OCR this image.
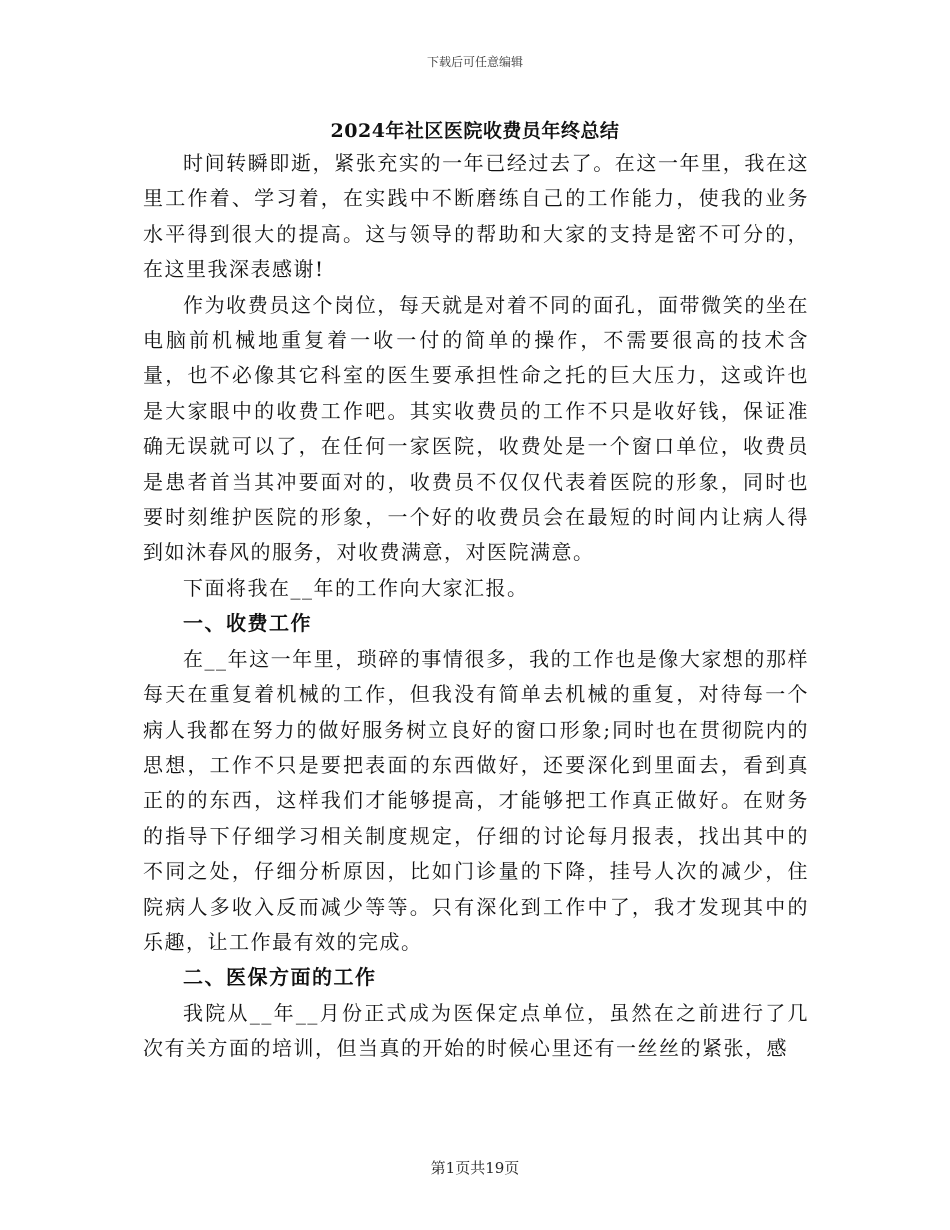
下载后可任意编辑
2024年社区医院收费员年终总结

时间转瞬即逝，紧张充实的一年已经过去了。在这一年里，我在这里工作着、学习着，在实践中不断磨练自己的工作能力，使我的业务水平得到很大的提高。这与领导的帮助和大家的支持是密不可分的，在这里我深表感谢!

作为收费员这个岗位，每天就是对着不同的面孔，面带微笑的坐在电脑前机械地重复着一收一付的简单的操作，不需要很高的技术含量，也不必像其它科室的医生要承担性命之托的巨大压力，这或许也是大家眼中的收费工作吧。其实收费员的工作不只是收好钱，保证准确无误就可以了，在任何一家医院，收费处是一个窗口单位，收费员是患者首当其冲要面对的，收费员不仅仅代表着医院的形象，同时也要时刻维护医院的形象，一个好的收费员会在最短的时间内让病人得到如沐春风的服务，对收费满意，对医院满意。

下面将我在__年的工作向大家汇报。

一、收费工作

在__年这一年里，琐碎的事情很多，我的工作也是像大家想的那样每天在重复着机械的工作，但我没有简单去机械的重复，对待每一个病人我都在努力的做好服务树立良好的窗口形象;同时也在贯彻院内的思想，工作不只是要把表面的东西做好，还要深化到里面去，看到真正的的东西，这样我们才能够提高，才能够把工作真正做好。在财务的指导下仔细学习相关制度规定，仔细的讨论每月报表，找出其中的不同之处，仔细分析原因，比如门诊量的下降，挂号人次的减少，住院病人多收入反而减少等等。只有深化到工作中了，我才发现其中的乐趣，让工作最有效的完成。

二、医保方面的工作

我院从__年__月份正式成为医保定点单位，虽然在之前进行了几次有关方面的培训，但当真的开始的时候心里还有一丝丝的紧张，感

第1页共19页
